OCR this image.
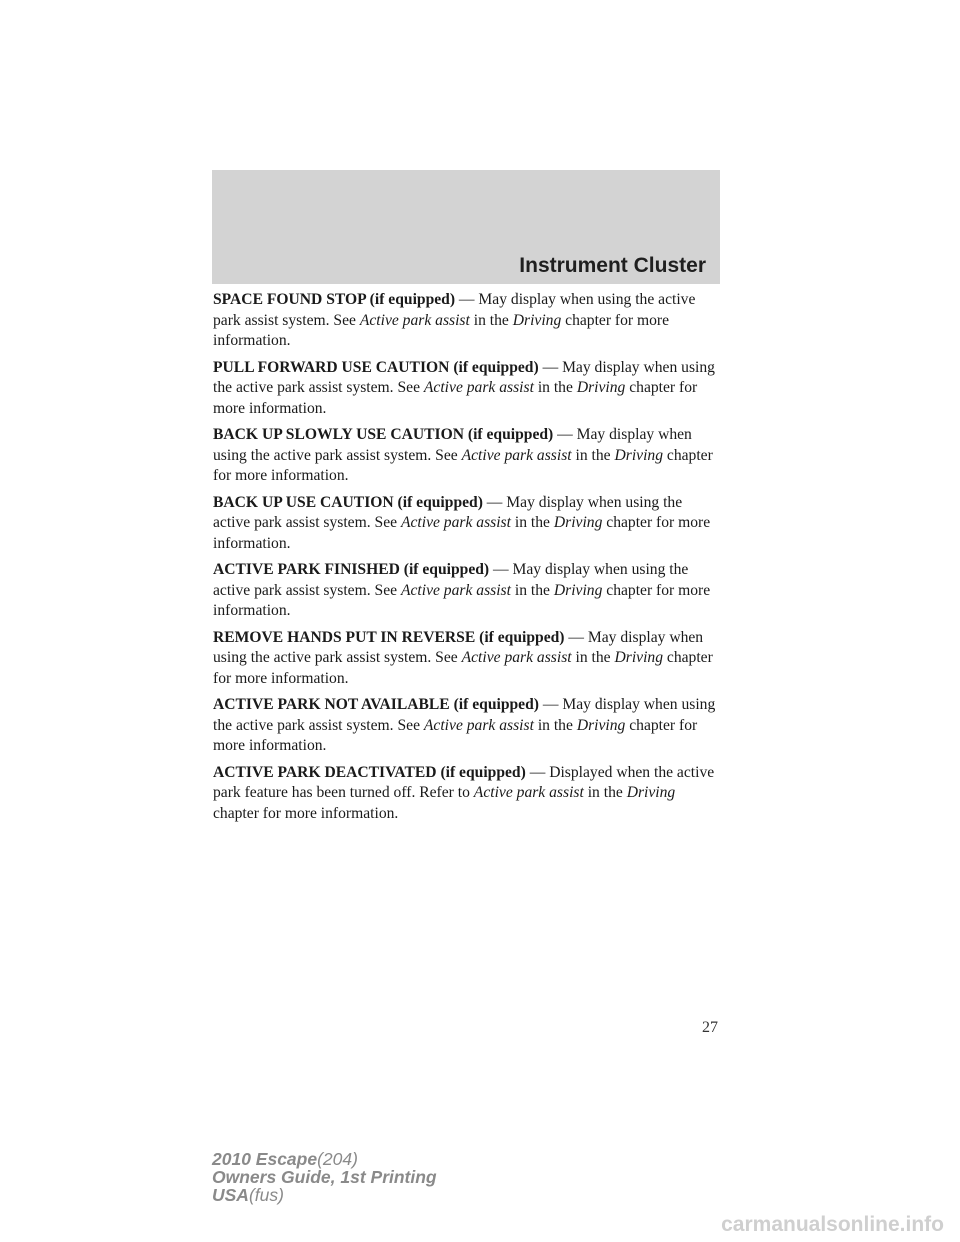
Instrument Cluster

SPACE FOUND STOP (if equipped) — May display when using the active park assist system. See Active park assist in the Driving chapter for more information.

PULL FORWARD USE CAUTION (if equipped) — May display when using the active park assist system. See Active park assist in the Driving chapter for more information.

BACK UP SLOWLY USE CAUTION (if equipped) — May display when using the active park assist system. See Active park assist in the Driving chapter for more information.

BACK UP USE CAUTION (if equipped) — May display when using the active park assist system. See Active park assist in the Driving chapter for more information.

ACTIVE PARK FINISHED (if equipped) — May display when using the active park assist system. See Active park assist in the Driving chapter for more information.

REMOVE HANDS PUT IN REVERSE (if equipped) — May display when using the active park assist system. See Active park assist in the Driving chapter for more information.

ACTIVE PARK NOT AVAILABLE (if equipped) — May display when using the active park assist system. See Active park assist in the Driving chapter for more information.

ACTIVE PARK DEACTIVATED (if equipped) — Displayed when the active park feature has been turned off. Refer to Active park assist in the Driving chapter for more information.

27
2010 Escape(204)
Owners Guide, 1st Printing
USA(fus)
carmanualsonline.info
